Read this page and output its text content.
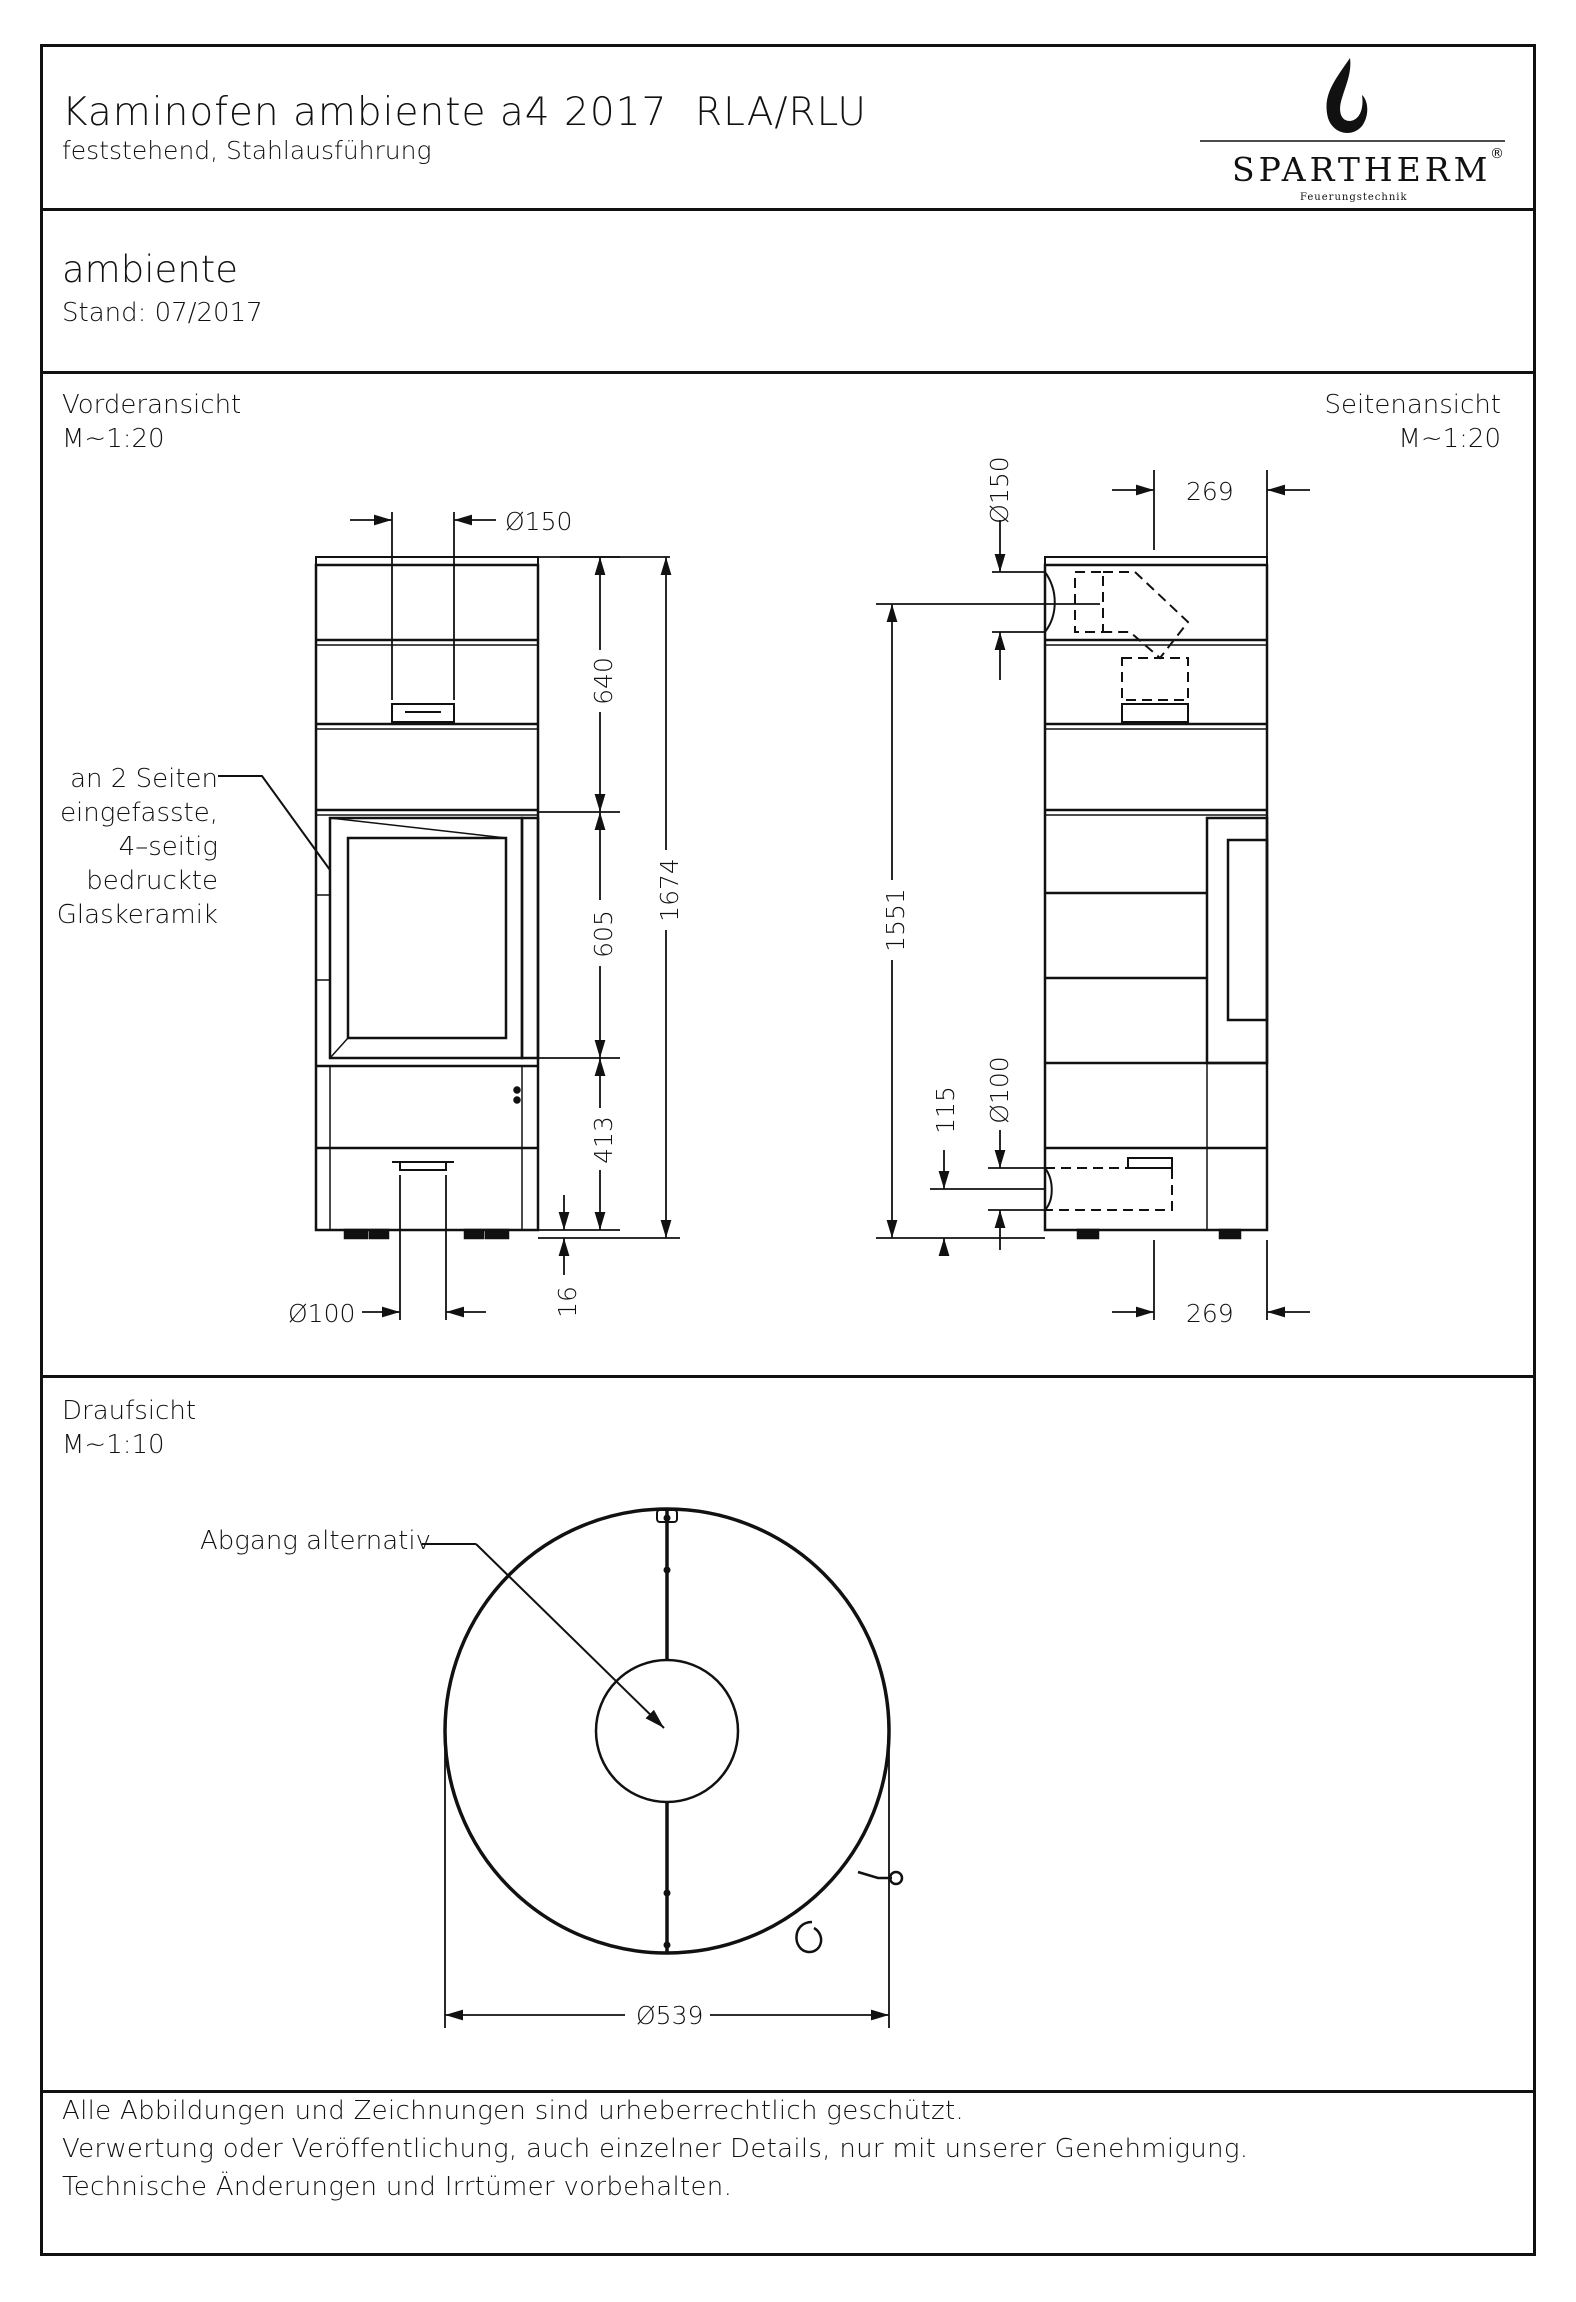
Kaminofen ambiente a4 2017 RLA/RLU
feststehend, Stahlausführung	SPARTHERM
Feuerungstechnik
®
ambiente
Stand: 07/2017
Vorderansicht
M~1:20
Seitenansicht
M~1:20
Draufsicht
M~1:10
an 2 Seiten
eingefasste,
4–seitig
bedruckte
Glaskeramik
Abgang alternativ
Ø150
640
605
413
1674
16
Ø100
Ø150	269
1551
Ø100
115
269
Ø539
Alle Abbildungen und Zeichnungen sind urheberrechtlich geschützt.
Verwertung oder Veröffentlichung, auch einzelner Details, nur mit unserer Genehmigung.
Technische Änderungen und Irrtümer vorbehalten.
